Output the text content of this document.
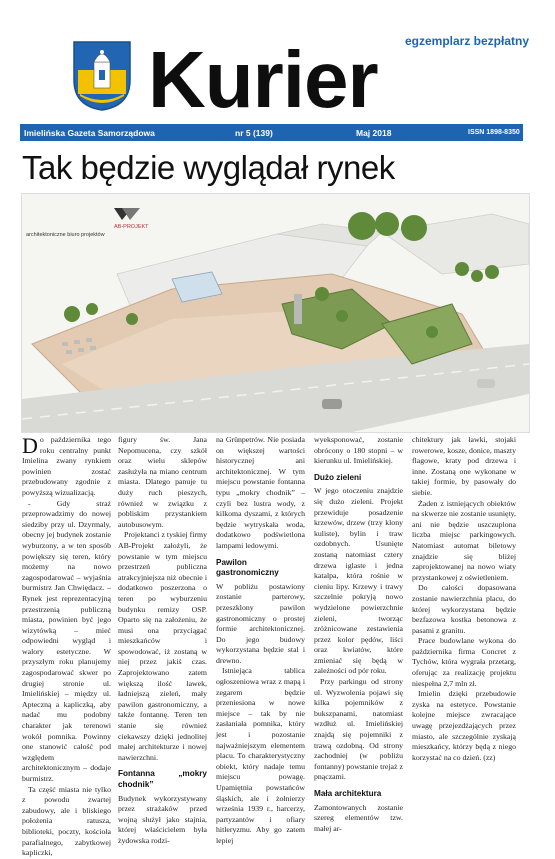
egzemplarz bezpłatny
Kurier
Imielińska Gazeta Samorządowa	nr 5 (139)	Maj 2018	ISSN 1898-8350
Tak będzie wyglądał rynek
AB-PROJEKT
architektoniczne biuro projektów

Do października tego roku centralny punkt Imielina zwany rynkiem powinien zostać przebudowany zgodnie z powyższą wizualizacją.

- Gdy straż przeprowadzimy do nowej siedziby przy ul. Dzyrmaly, obecny jej budynek zostanie wyburzony, a w ten sposób powiększy się teren, który możemy na nowo zagospodarować – wyjaśnia burmistrz Jan Chwiędacz. – Rynek jest reprezentacyjną przestrzenią publiczną miasta, powinien być jego wizytówką – mieć odpowiedni wygląd i walory estetyczne. W przyszłym roku planujemy zagospodarować skwer po drugiej stronie ul. Imielińskiej – między ul. Apteczną a kapliczką, aby nadać mu podobny charakter jak terenowi wokół pomnika. Powinny one stanowić całość pod względem architektonicznym – dodaje burmistrz.

Ta część miasta nie tylko z powodu zwartej zabudowy, ale i bliskiego położenia ratusza, biblioteki, poczty, kościoła parafialnego, zabytkowej kapliczki,

figury św. Jana Nepomucena, czy szkół oraz wielu sklepów zasłużyła na miano centrum miasta. Dlatego panuje tu duży ruch pieszych, również w związku z pobliskim przystankiem autobusowym.

Projektanci z tyskiej firmy AB-Projekt założyli, że powstanie w tym miejscu przestrzeń publiczna atrakcyjniejsza niż obecnie i dodatkowo poszerzona o teren po wyburzeniu budynku remizy OSP. Oparto się na założeniu, że musi ona przyciągać mieszkańców i spowodować, iż zostaną w niej przez jakiś czas. Zaprojektowano zatem większą ilość ławek, ładniejszą zieleń, mały pawilon gastronomiczny, a także fontannę. Teren ten stanie się również ciekawszy dzięki jednolitej małej architekturze i nowej nawierzchni.

Fontanna „mokry chodnik”

Budynek wykorzystywany przez strażaków przed wojną służył jako stajnia, której właścicielem była żydowska rodzi-

na Grünpetrów. Nie posiada on większej wartości historycznej ani architektonicznej. W tym miejscu powstanie fontanna typu „mokry chodnik” – czyli bez lustra wody, z kilkoma dyszami, z których będzie wytryskała woda, dodatkowo podświetlona lampami ledowymi.

Pawilon gastronomiczny

W pobliżu postawiony zostanie parterowy, przeszklony pawilon gastronomiczny o prostej formie architektonicznej. Do jego budowy wykorzystana będzie stal i drewno.

Istniejąca tablica ogłoszeniowa wraz z mapą i zegarem będzie przeniesiona w nowe miejsce – tak by nie zasłaniała pomnika, który jest i pozostanie najważniejszym elementem placu. To charakterystyczny obiekt, który nadaje temu miejscu powagę. Upamiętnia powstańców śląskich, ale i żołnierzy września 1939 r., harcerzy, partyzantów i ofiary hitleryzmu. Aby go zatem lepiej

wyeksponować, zostanie obrócony o 180 stopni – w kierunku ul. Imielińskiej.

Dużo zieleni

W jego otoczeniu znajdzie się dużo zieleni. Projekt przewiduje posadzenie krzewów, drzew (trzy klony kuliste), bylin i traw ozdobnych. Usunięte zostaną natomiast cztery drzewa iglaste i jedna katalpa, która rośnie w cieniu lipy. Krzewy i trawy szczelnie pokryją nowo wydzielone powierzchnie zieleni, tworząc zróżnicowane zestawienia przez kolor pędów, liści oraz kwiatów, które zmieniać się będą w zależności od pór roku.

Przy parkingu od strony ul. Wyzwolenia pojawi się kilka pojemników z bukszpanami, natomiast wzdłuż ul. Imielińskiej znajdą się pojemniki z trawą ozdobną. Od strony zachodniej (w pobliżu fontanny) powstanie trejaż z pnączami.

Mała architektura

Zamontowanych zostanie szereg elementów tzw. małej ar-

chitektury jak ławki, stojaki rowerowe, kosze, donice, maszty flagowe, kraty pod drzewa i inne. Zostaną one wykonane w takiej formie, by pasowały do siebie.

Żaden z istniejących obiektów na skwerze nie zostanie usunięty, ani nie będzie uszczuplona liczba miejsc parkingowych. Natomiast automat biletowy znajdzie się bliżej zaprojektowanej na nowo wiaty przystankowej z oświetleniem.

Do całości dopasowana zostanie nawierzchnia placu, do której wykorzystana będzie bezfazowa kostka betonowa z pasami z granitu.

Prace budowlane wykona do października firma Concret z Tychów, która wygrała przetarg, oferując za realizację projektu niespełna 2,7 mln zł.

Imielin dzięki przebudowie zyska na estetyce. Powstanie kolejne miejsce zwracające uwagę przejezdżających przez miasto, ale szczególnie zyskają mieszkańcy, którzy będą z niego korzystać na co dzień. (zz)
